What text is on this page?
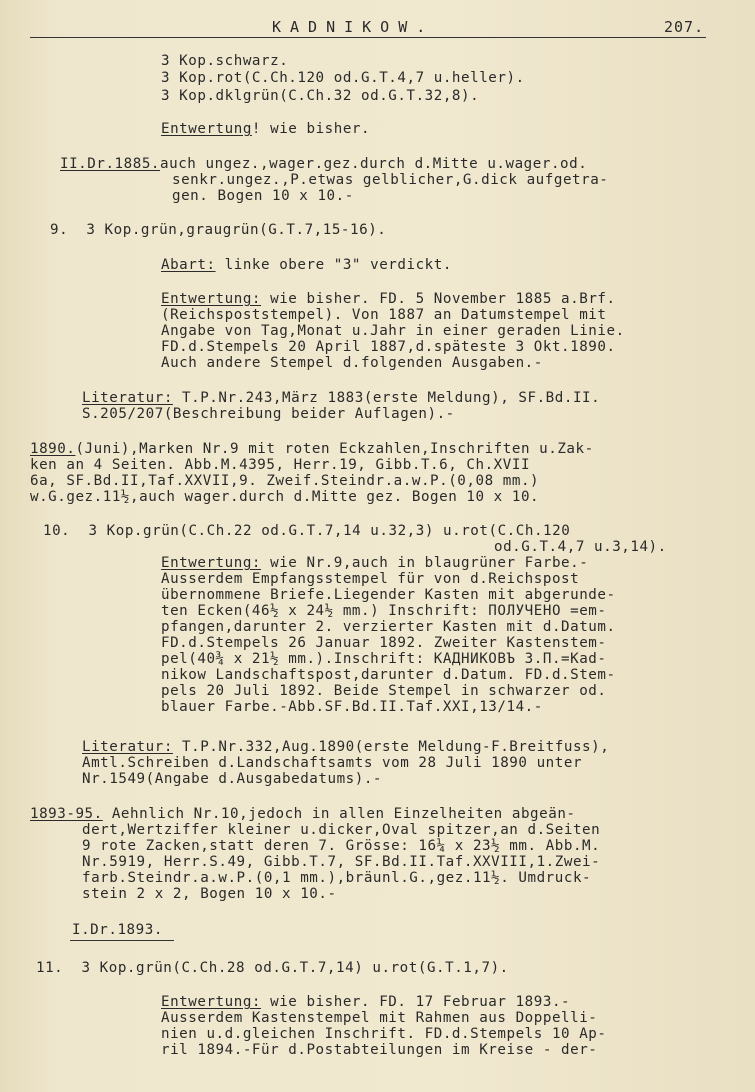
KADNIKOW.	207.
3 Kop.schwarz.
3 Kop.rot(C.Ch.120 od.G.T.4,7 u.heller).
3 Kop.dklgrün(C.Ch.32 od.G.T.32,8).
Entwertung! wie bisher.
II.Dr.1885.auch ungez.,wager.gez.durch d.Mitte u.wager.od.
senkr.ungez.,P.etwas gelblicher,G.dick aufgetra-
gen. Bogen 10 x 10.-
9.  3 Kop.grün,graugrün(G.T.7,15-16).
Abart: linke obere "3" verdickt.
Entwertung: wie bisher. FD. 5 November 1885 a.Brf.
(Reichspoststempel). Von 1887 an Datumstempel mit
Angabe von Tag,Monat u.Jahr in einer geraden Linie.
FD.d.Stempels 20 April 1887,d.späteste 3 Okt.1890.
Auch andere Stempel d.folgenden Ausgaben.-
Literatur: T.P.Nr.243,März 1883(erste Meldung), SF.Bd.II.
S.205/207(Beschreibung beider Auflagen).-
1890.(Juni),Marken Nr.9 mit roten Eckzahlen,Inschriften u.Zak-
ken an 4 Seiten. Abb.M.4395, Herr.19, Gibb.T.6, Ch.XVII
6a, SF.Bd.II,Taf.XXVII,9. Zweif.Steindr.a.w.P.(0,08 mm.)
w.G.gez.11½,auch wager.durch d.Mitte gez. Bogen 10 x 10.
10.  3 Kop.grün(C.Ch.22 od.G.T.7,14 u.32,3) u.rot(C.Ch.120
od.G.T.4,7 u.3,14).
Entwertung: wie Nr.9,auch in blaugrüner Farbe.-
Ausserdem Empfangsstempel für von d.Reichspost
übernommene Briefe.Liegender Kasten mit abgerunde-
ten Ecken(46½ x 24½ mm.) Inschrift: ПОЛУЧЕНО =em-
pfangen,darunter 2. verzierter Kasten mit d.Datum.
FD.d.Stempels 26 Januar 1892. Zweiter Kastenstem-
pel(40¾ x 21½ mm.).Inschrift: КАДНИКОВЪ З.П.=Kad-
nikow Landschaftspost,darunter d.Datum. FD.d.Stem-
pels 20 Juli 1892. Beide Stempel in schwarzer od.
blauer Farbe.-Abb.SF.Bd.II.Taf.XXI,13/14.-
Literatur: T.P.Nr.332,Aug.1890(erste Meldung-F.Breitfuss),
Amtl.Schreiben d.Landschaftsamts vom 28 Juli 1890 unter
Nr.1549(Angabe d.Ausgabedatums).-
1893-95. Aehnlich Nr.10,jedoch in allen Einzelheiten abgeän-
dert,Wertziffer kleiner u.dicker,Oval spitzer,an d.Seiten
9 rote Zacken,statt deren 7. Grösse: 16¼ x 23½ mm. Abb.M.
Nr.5919, Herr.S.49, Gibb.T.7, SF.Bd.II.Taf.XXVIII,1.Zwei-
farb.Steindr.a.w.P.(0,1 mm.),bräunl.G.,gez.11½. Umdruck-
stein 2 x 2, Bogen 10 x 10.-
I.Dr.1893.
11.  3 Kop.grün(C.Ch.28 od.G.T.7,14) u.rot(G.T.1,7).
Entwertung: wie bisher. FD. 17 Februar 1893.-
Ausserdem Kastenstempel mit Rahmen aus Doppelli-
nien u.d.gleichen Inschrift. FD.d.Stempels 10 Ap-
ril 1894.-Für d.Postabteilungen im Kreise - der-
